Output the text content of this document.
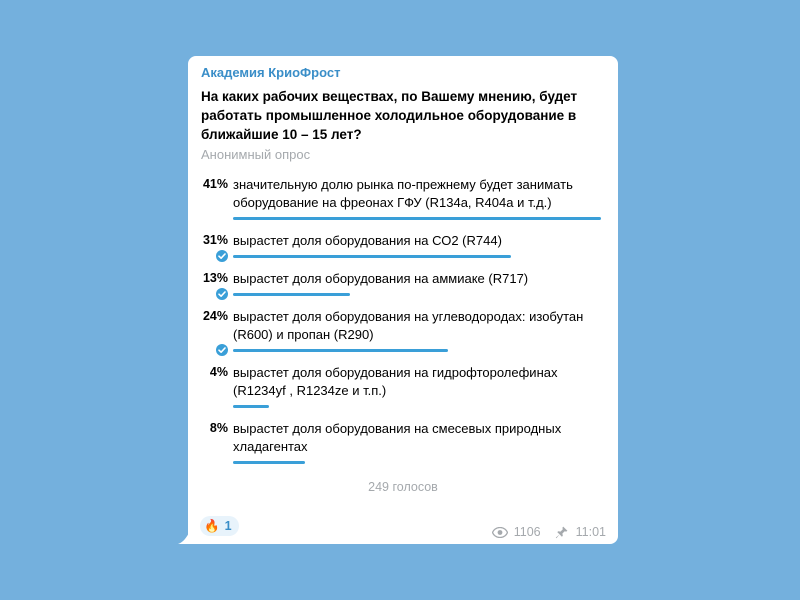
Академия КриоФрост
На каких рабочих веществах, по Вашему мнению, будет работать промышленное холодильное оборудование в ближайшие 10 – 15 лет?
Анонимный опрос
41% значительную долю рынка по-прежнему будет занимать оборудование на фреонах ГФУ (R134a, R404a и т.д.)
31% вырастет доля оборудования на СО2 (R744)
13% вырастет доля оборудования на аммиаке (R717)
24% вырастет доля оборудования на углеводородах: изобутан (R600) и пропан (R290)
4% вырастет доля оборудования на гидрофторолефинах (R1234yf , R1234ze и т.п.)
8% вырастет доля оборудования на смесевых природных хладагентах
249 голосов
🔥 1	1106	11:01
